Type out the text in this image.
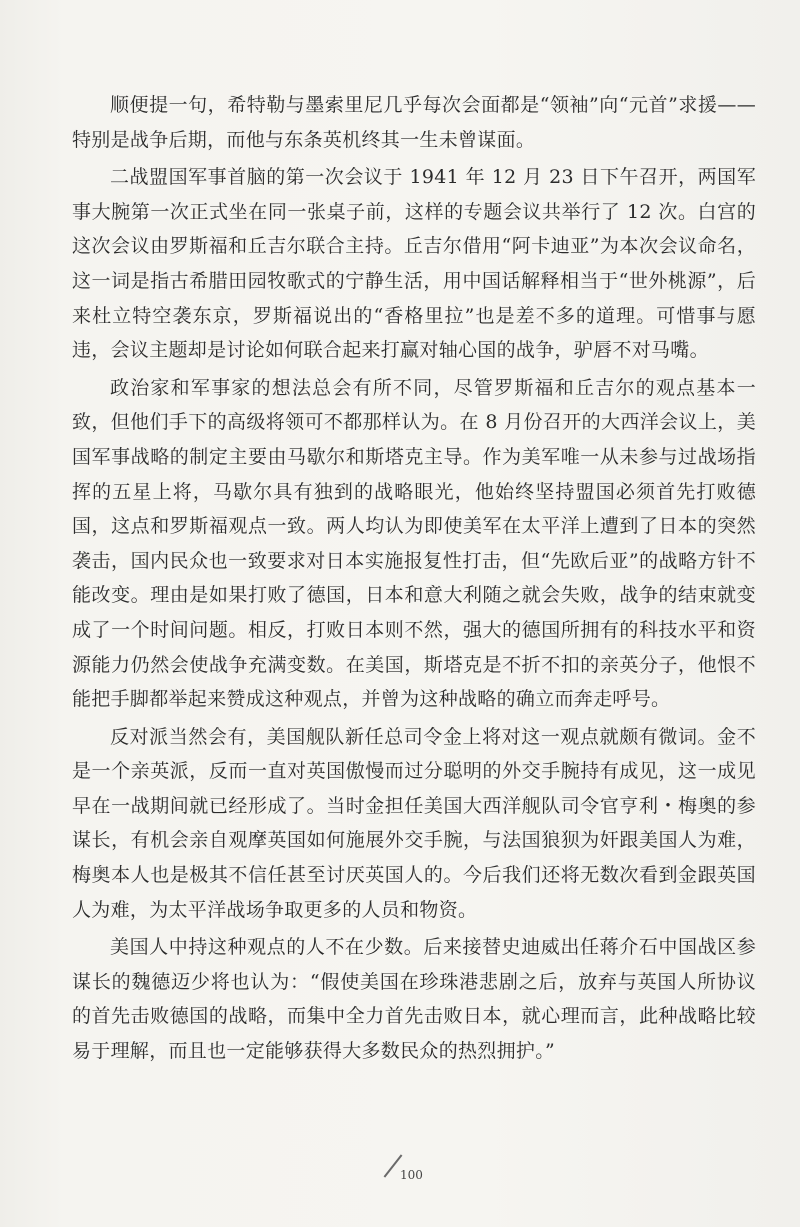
顺便提一句，希特勒与墨索里尼几乎每次会面都是“领袖”向“元首”求援——特别是战争后期，而他与东条英机终其一生未曾谋面。

二战盟国军事首脑的第一次会议于 1941 年 12 月 23 日下午召开，两国军事大腕第一次正式坐在同一张桌子前，这样的专题会议共举行了 12 次。白宫的这次会议由罗斯福和丘吉尔联合主持。丘吉尔借用“阿卡迪亚”为本次会议命名，这一词是指古希腊田园牧歌式的宁静生活，用中国话解释相当于“世外桃源”，后来杜立特空袭东京，罗斯福说出的“香格里拉”也是差不多的道理。可惜事与愿违，会议主题却是讨论如何联合起来打赢对轴心国的战争，驴唇不对马嘴。

政治家和军事家的想法总会有所不同，尽管罗斯福和丘吉尔的观点基本一致，但他们手下的高级将领可不都那样认为。在 8 月份召开的大西洋会议上，美国军事战略的制定主要由马歇尔和斯塔克主导。作为美军唯一从未参与过战场指挥的五星上将，马歇尔具有独到的战略眼光，他始终坚持盟国必须首先打败德国，这点和罗斯福观点一致。两人均认为即使美军在太平洋上遭到了日本的突然袭击，国内民众也一致要求对日本实施报复性打击，但“先欧后亚”的战略方针不能改变。理由是如果打败了德国，日本和意大利随之就会失败，战争的结束就变成了一个时间问题。相反，打败日本则不然，强大的德国所拥有的科技水平和资源能力仍然会使战争充满变数。在美国，斯塔克是不折不扣的亲英分子，他恨不能把手脚都举起来赞成这种观点，并曾为这种战略的确立而奔走呼号。

反对派当然会有，美国舰队新任总司令金上将对这一观点就颇有微词。金不是一个亲英派，反而一直对英国傲慢而过分聪明的外交手腕持有成见，这一成见早在一战期间就已经形成了。当时金担任美国大西洋舰队司令官亨利・梅奥的参谋长，有机会亲自观摩英国如何施展外交手腕，与法国狼狈为奸跟美国人为难，梅奥本人也是极其不信任甚至讨厌英国人的。今后我们还将无数次看到金跟英国人为难，为太平洋战场争取更多的人员和物资。

美国人中持这种观点的人不在少数。后来接替史迪威出任蒋介石中国战区参谋长的魏德迈少将也认为：“假使美国在珍珠港悲剧之后，放弃与英国人所协议的首先击败德国的战略，而集中全力首先击败日本，就心理而言，此种战略比较易于理解，而且也一定能够获得大多数民众的热烈拥护。”

100
